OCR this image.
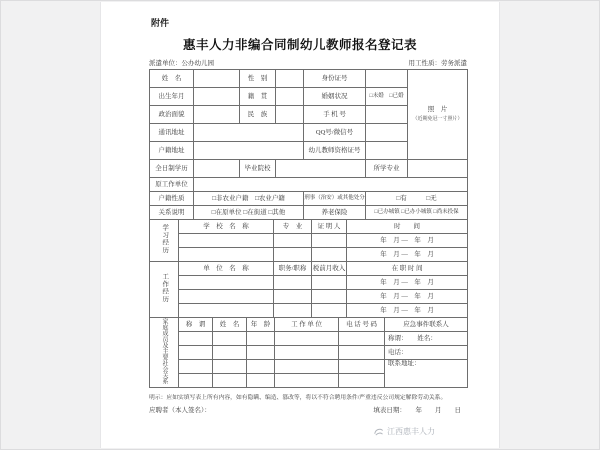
附件
惠丰人力非编合同制幼儿教师报名登记表
派遣单位：公办幼儿园	用工性质：劳务派遣
姓　名		性　别		身份证号		照　片
（近期免冠一寸照片）

出生年月		籍　贯		婚姻状况	□未婚　□已婚	
政治面貌		民　族		手 机 号		
通讯地址				QQ号/微信号		
户籍地址				幼儿教师资格证号		
全日制学历		毕业院校			所学专业	
原工作单位						
户籍性质	□非农业户籍　□农业户籍			刑事（治安）或其他处分	□有　　　□无	
关系说明	□在原单位 □在街道 □其他			养老保险	□已办城镇 □已办小城镇 □尚未投保	
学习经历	学　校　名　称	专　业	证 明 人	时　　间
				年　月 —　年　月
				年　月 —　年　月
工作经历	单　位　名　称	职务/职称	税前月收入	在 职 时 间
				年　月 —　年　月
				年　月 —　年　月
				年　月 —　年　月
家庭成员及主要社会关系	称　谓	姓　名	年　龄	工 作 单 位	电 话 号 码	应急事件联系人
						称谓：　　姓名：
						电话：
						联系地址：

明示：应如实填写表上所有内容，如有隐瞒、编造、篡改等，将以不符合聘用条件/严重违反公司规定解除劳动关系。
应聘者（本人签名）：	填表日期： 年　　月　　日
江西惠丰人力
